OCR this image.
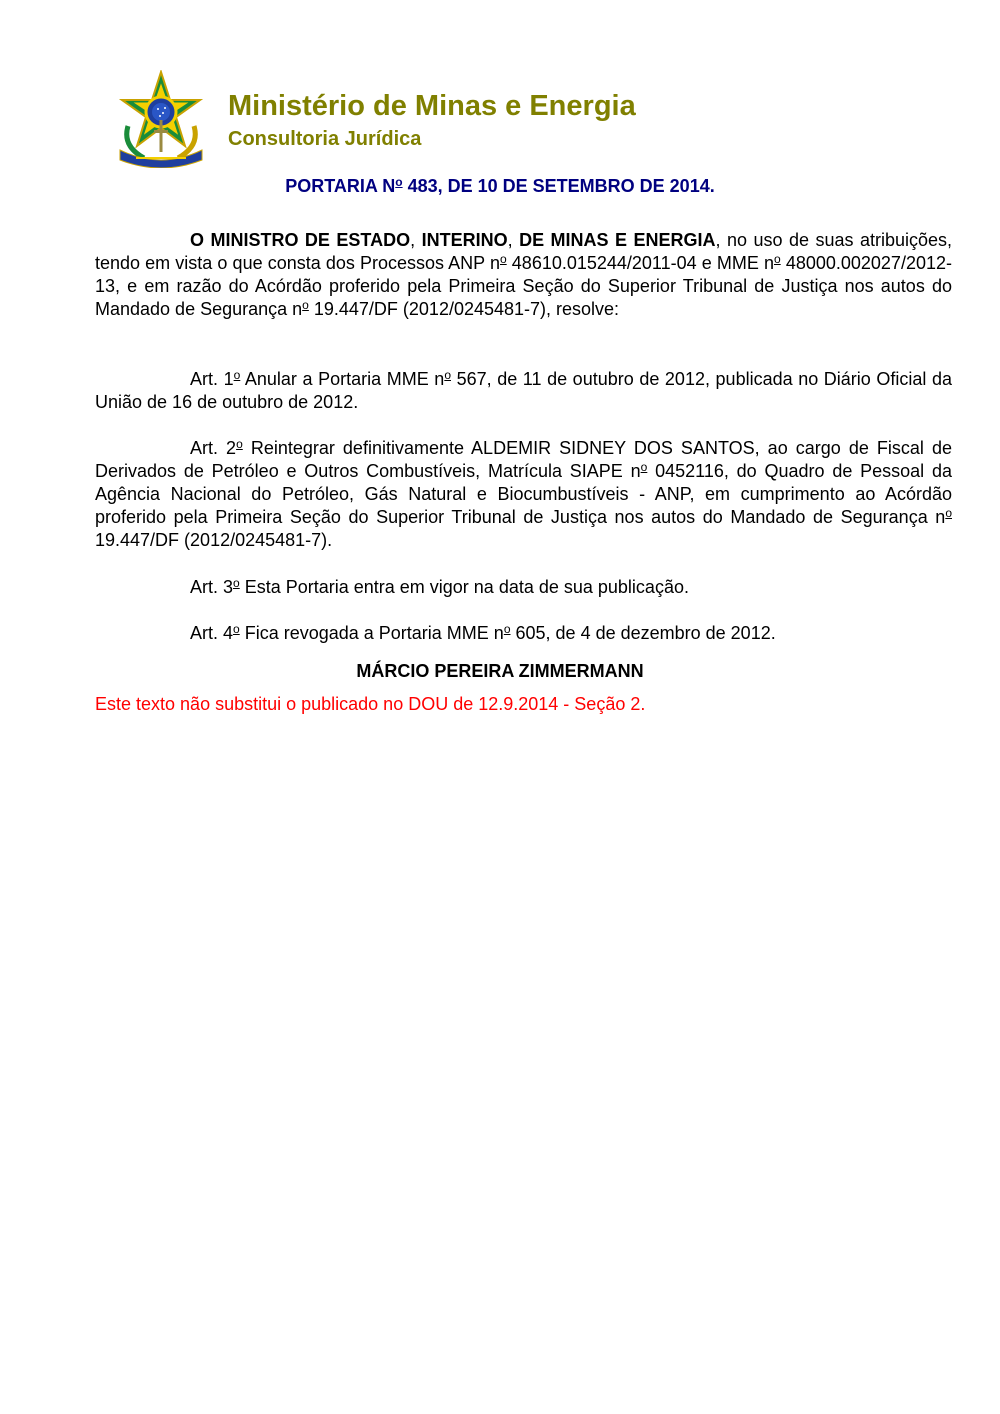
Ministério de Minas e Energia
Consultoria Jurídica
PORTARIA $N^o$ 483, DE 10 DE SETEMBRO DE 2014.

O MINISTRO DE ESTADO, INTERINO, DE MINAS E ENERGIA, no uso de suas atribuições, tendo em vista o que consta dos Processos ANP $n^o$ 48610.015244/2011-04 e MME $n^o$ 48000.002027/2012-13, e em razão do Acórdão proferido pela Primeira Seção do Superior Tribunal de Justiça nos autos do Mandado de Segurança $n^o$ 19.447/DF (2012/0245481-7), resolve:

Art. 1$^o$ Anular a Portaria MME $n^o$ 567, de 11 de outubro de 2012, publicada no Diário Oficial da União de 16 de outubro de 2012.

Art. 2$^o$ Reintegrar definitivamente ALDEMIR SIDNEY DOS SANTOS, ao cargo de Fiscal de Derivados de Petróleo e Outros Combustíveis, Matrícula SIAPE $n^o$ 0452116, do Quadro de Pessoal da Agência Nacional do Petróleo, Gás Natural e Biocumbustíveis - ANP, em cumprimento ao Acórdão proferido pela Primeira Seção do Superior Tribunal de Justiça nos autos do Mandado de Segurança $n^o$ 19.447/DF (2012/0245481-7).

Art. 3$^o$ Esta Portaria entra em vigor na data de sua publicação.

Art. 4$^o$ Fica revogada a Portaria MME $n^o$ 605, de 4 de dezembro de 2012.

MÁRCIO PEREIRA ZIMMERMANN
Este texto não substitui o publicado no DOU de 12.9.2014 - Seção 2.
